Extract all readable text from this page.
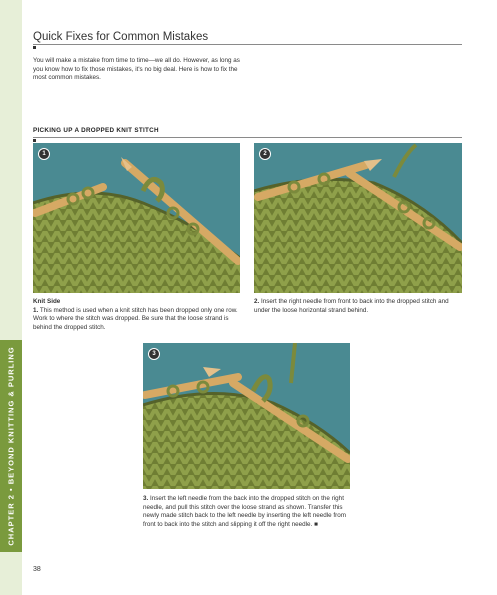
CHAPTER 2 • BEYOND KNITTING & PURLING
Quick Fixes for Common Mistakes

You will make a mistake from time to time—we all do. However, as long as you know how to fix those mistakes, it's no big deal. Here is how to fix the most common mistakes.

PICKING UP A DROPPED KNIT STITCH
1	2

Knit Side
1. This method is used when a knit stitch has been dropped only one row. Work to where the stitch was dropped. Be sure that the loose strand is behind the dropped stitch.

2. Insert the right needle from front to back into the dropped stitch and under the loose horizontal strand behind.

3

3. Insert the left needle from the back into the dropped stitch on the right needle, and pull this stitch over the loose strand as shown. Transfer this newly made stitch back to the left needle by inserting the left needle from front to back into the stitch and slipping it off the right needle. ■

38
